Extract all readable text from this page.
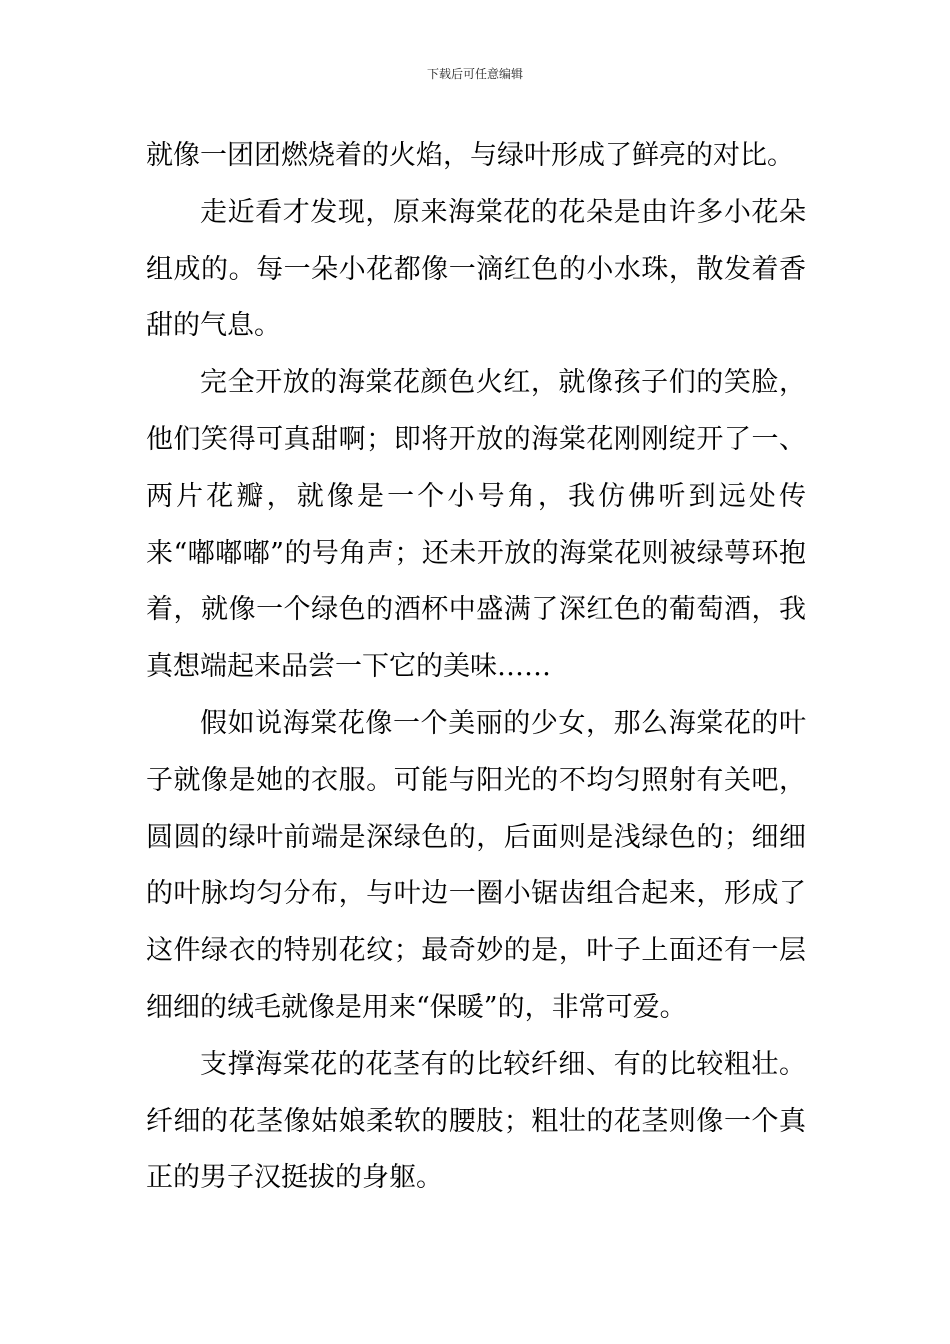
下载后可任意编辑

就像一团团燃烧着的火焰，与绿叶形成了鲜亮的对比。

走近看才发现，原来海棠花的花朵是由许多小花朵组成的。每一朵小花都像一滴红色的小水珠，散发着香甜的气息。

完全开放的海棠花颜色火红，就像孩子们的笑脸，他们笑得可真甜啊；即将开放的海棠花刚刚绽开了一、两片花瓣，就像是一个小号角，我仿佛听到远处传来“嘟嘟嘟”的号角声；还未开放的海棠花则被绿萼环抱着，就像一个绿色的酒杯中盛满了深红色的葡萄酒，我真想端起来品尝一下它的美味……

假如说海棠花像一个美丽的少女，那么海棠花的叶子就像是她的衣服。可能与阳光的不均匀照射有关吧，圆圆的绿叶前端是深绿色的，后面则是浅绿色的；细细的叶脉均匀分布，与叶边一圈小锯齿组合起来，形成了这件绿衣的特别花纹；最奇妙的是，叶子上面还有一层细细的绒毛就像是用来“保暖”的，非常可爱。

支撑海棠花的花茎有的比较纤细、有的比较粗壮。纤细的花茎像姑娘柔软的腰肢；粗壮的花茎则像一个真正的男子汉挺拔的身躯。
